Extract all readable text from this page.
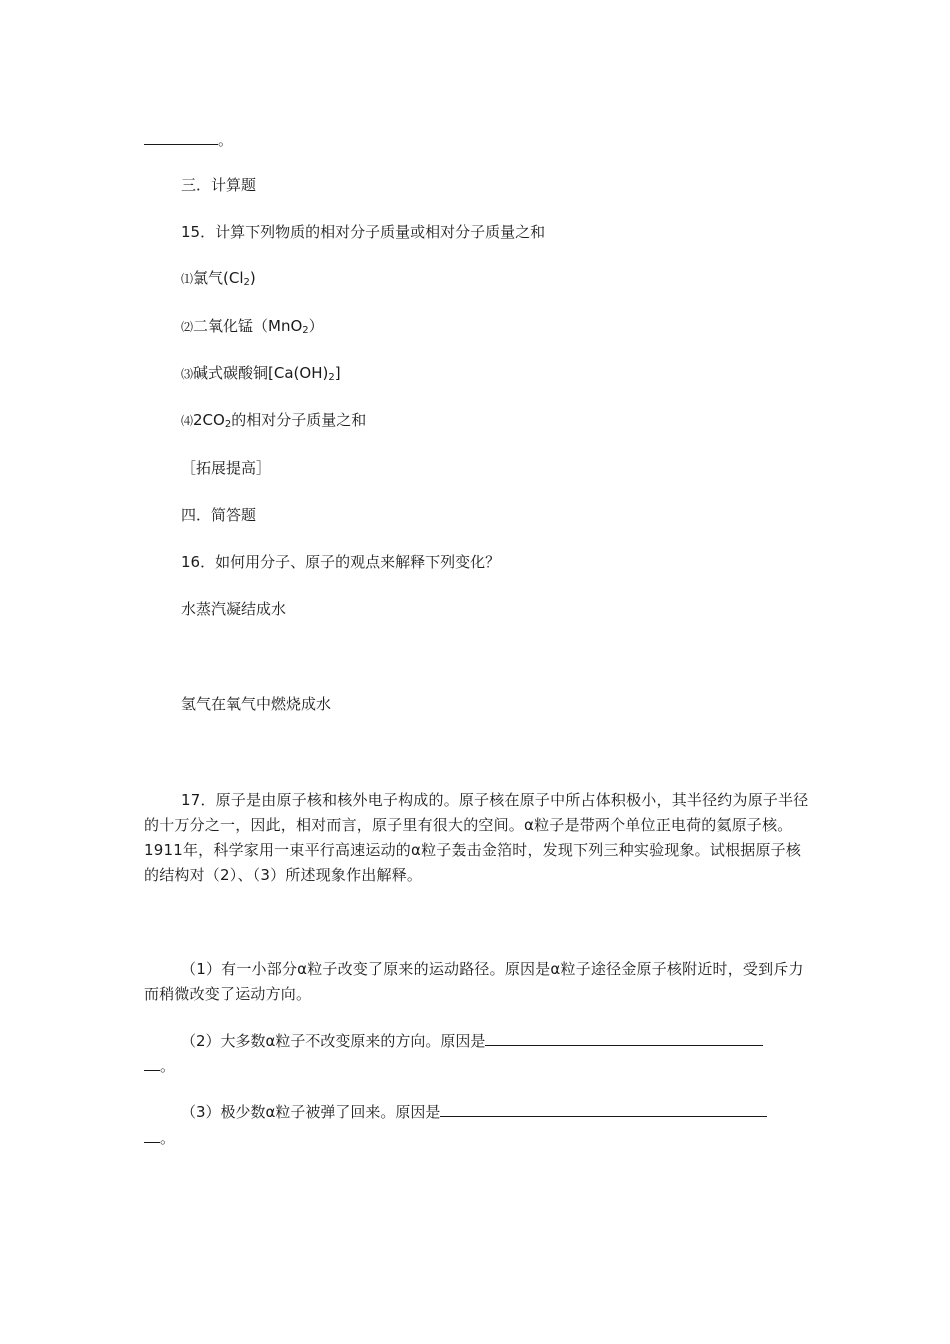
。
三．计算题
15．计算下列物质的相对分子质量或相对分子质量之和
⑴氯气$(Cl_2)$
⑵二氧化锰（MnO$_2$）
⑶碱式碳酸铜$[Ca(OH)_2]$
$⑷2CO_2$的相对分子质量之和
［拓展提高］
四．简答题
16．如何用分子、原子的观点来解释下列变化？
水蒸汽凝结成水
氢气在氧气中燃烧成水
17．原子是由原子核和核外电子构成的。原子核在原子中所占体积极小，其半径约为原子半径的十万分之一，因此，相对而言，原子里有很大的空间。α粒子是带两个单位正电荷的氦原子核。1911年，科学家用一束平行高速运动的α粒子轰击金箔时，发现下列三种实验现象。试根据原子核的结构对（2）、（3）所述现象作出解释。
（1）有一小部分α粒子改变了原来的运动路径。原因是α粒子途径金原子核附近时，受到斥力而稍微改变了运动方向。
（2）大多数α粒子不改变原来的方向。原因是
。
（3）极少数α粒子被弹了回来。原因是
。
